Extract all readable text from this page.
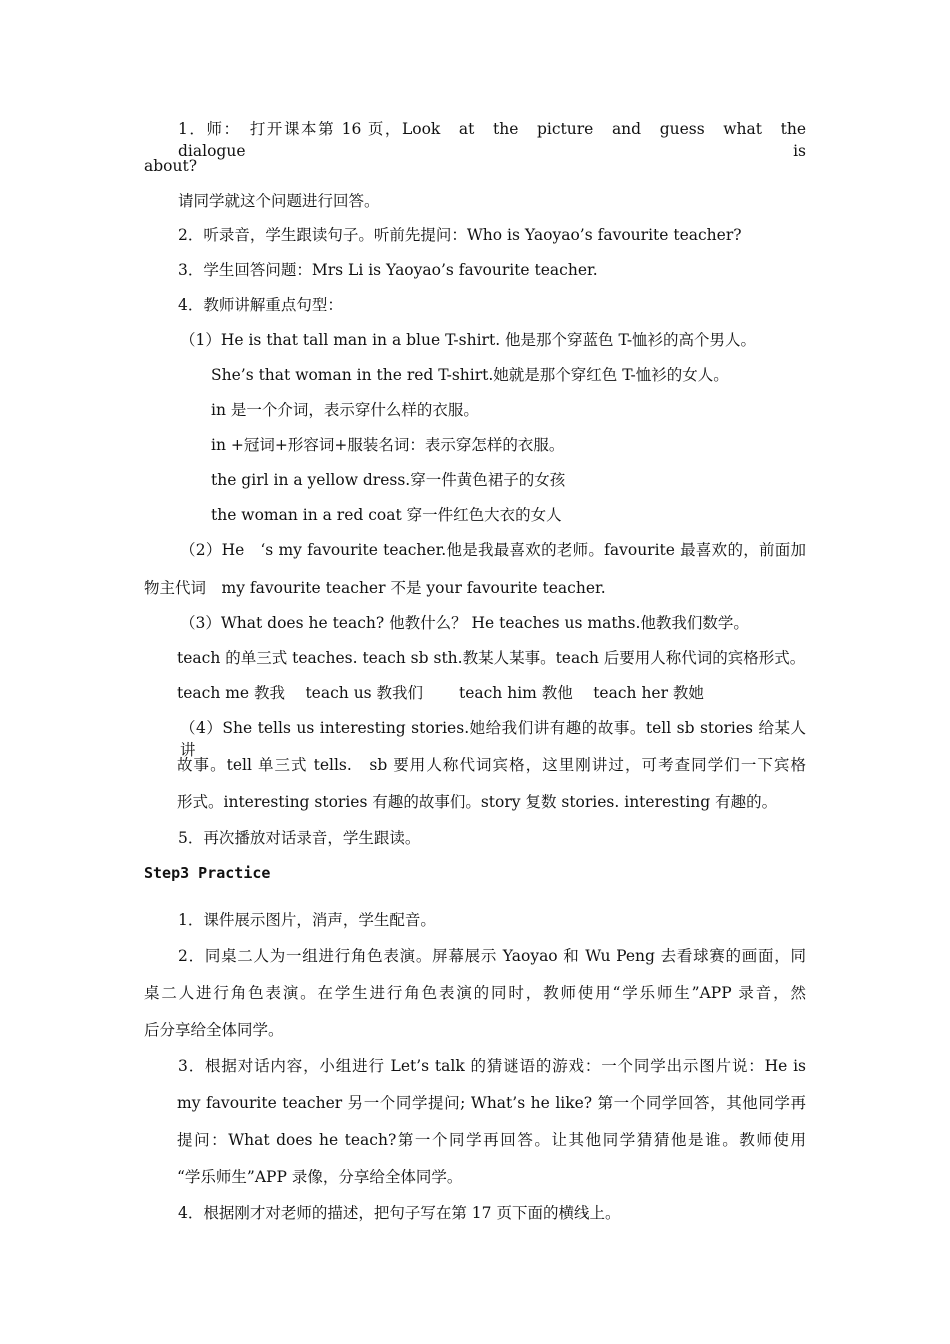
1．师：　打开课本第 16 页，Look　at　the　picture　and　guess　what　the　dialogue　is

about?

请同学就这个问题进行回答。

2．听录音，学生跟读句子。听前先提问：Who is Yaoyao’s favourite teacher?

3．学生回答问题：Mrs Li is Yaoyao’s favourite teacher.

4．教师讲解重点句型：

（1）He is that tall man in a blue T-shirt. 他是那个穿蓝色 T-恤衫的高个男人。

She’s that woman in the red T-shirt.她就是那个穿红色 T-恤衫的女人。

in 是一个介词，表示穿什么样的衣服。

in +冠词+形容词+服装名词：表示穿怎样的衣服。

the girl in a yellow dress.穿一件黄色裙子的女孩

the woman in a red coat 穿一件红色大衣的女人

（2）He　‘s my favourite teacher.他是我最喜欢的老师。favourite 最喜欢的，前面加

物主代词　my favourite teacher 不是 your favourite teacher.

（3）What does he teach? 他教什么？ He teaches us maths.他教我们数学。

teach 的单三式 teaches. teach sb sth.教某人某事。teach 后要用人称代词的宾格形式。

teach me 教我　 teach us 教我们　　 teach him 教他　 teach her 教她

（4）She tells us interesting stories.她给我们讲有趣的故事。tell sb stories 给某人讲

故事。tell 单三式 tells.　sb 要用人称代词宾格，这里刚讲过，可考查同学们一下宾格

形式。interesting stories 有趣的故事们。story 复数 stories. interesting 有趣的。

5．再次播放对话录音，学生跟读。

Step3 Practice

1．课件展示图片，消声，学生配音。

2．同桌二人为一组进行角色表演。屏幕展示 Yaoyao 和 Wu Peng 去看球赛的画面，同

桌二人进行角色表演。在学生进行角色表演的同时，教师使用“学乐师生”APP 录音，然

后分享给全体同学。

3．根据对话内容，小组进行 Let’s talk 的猜谜语的游戏：一个同学出示图片说：He is

my favourite teacher 另一个同学提问; What’s he like? 第一个同学回答，其他同学再

提问：What does he teach?第一个同学再回答。让其他同学猜猜他是谁。教师使用

“学乐师生”APP 录像，分享给全体同学。

4．根据刚才对老师的描述，把句子写在第 17 页下面的横线上。
